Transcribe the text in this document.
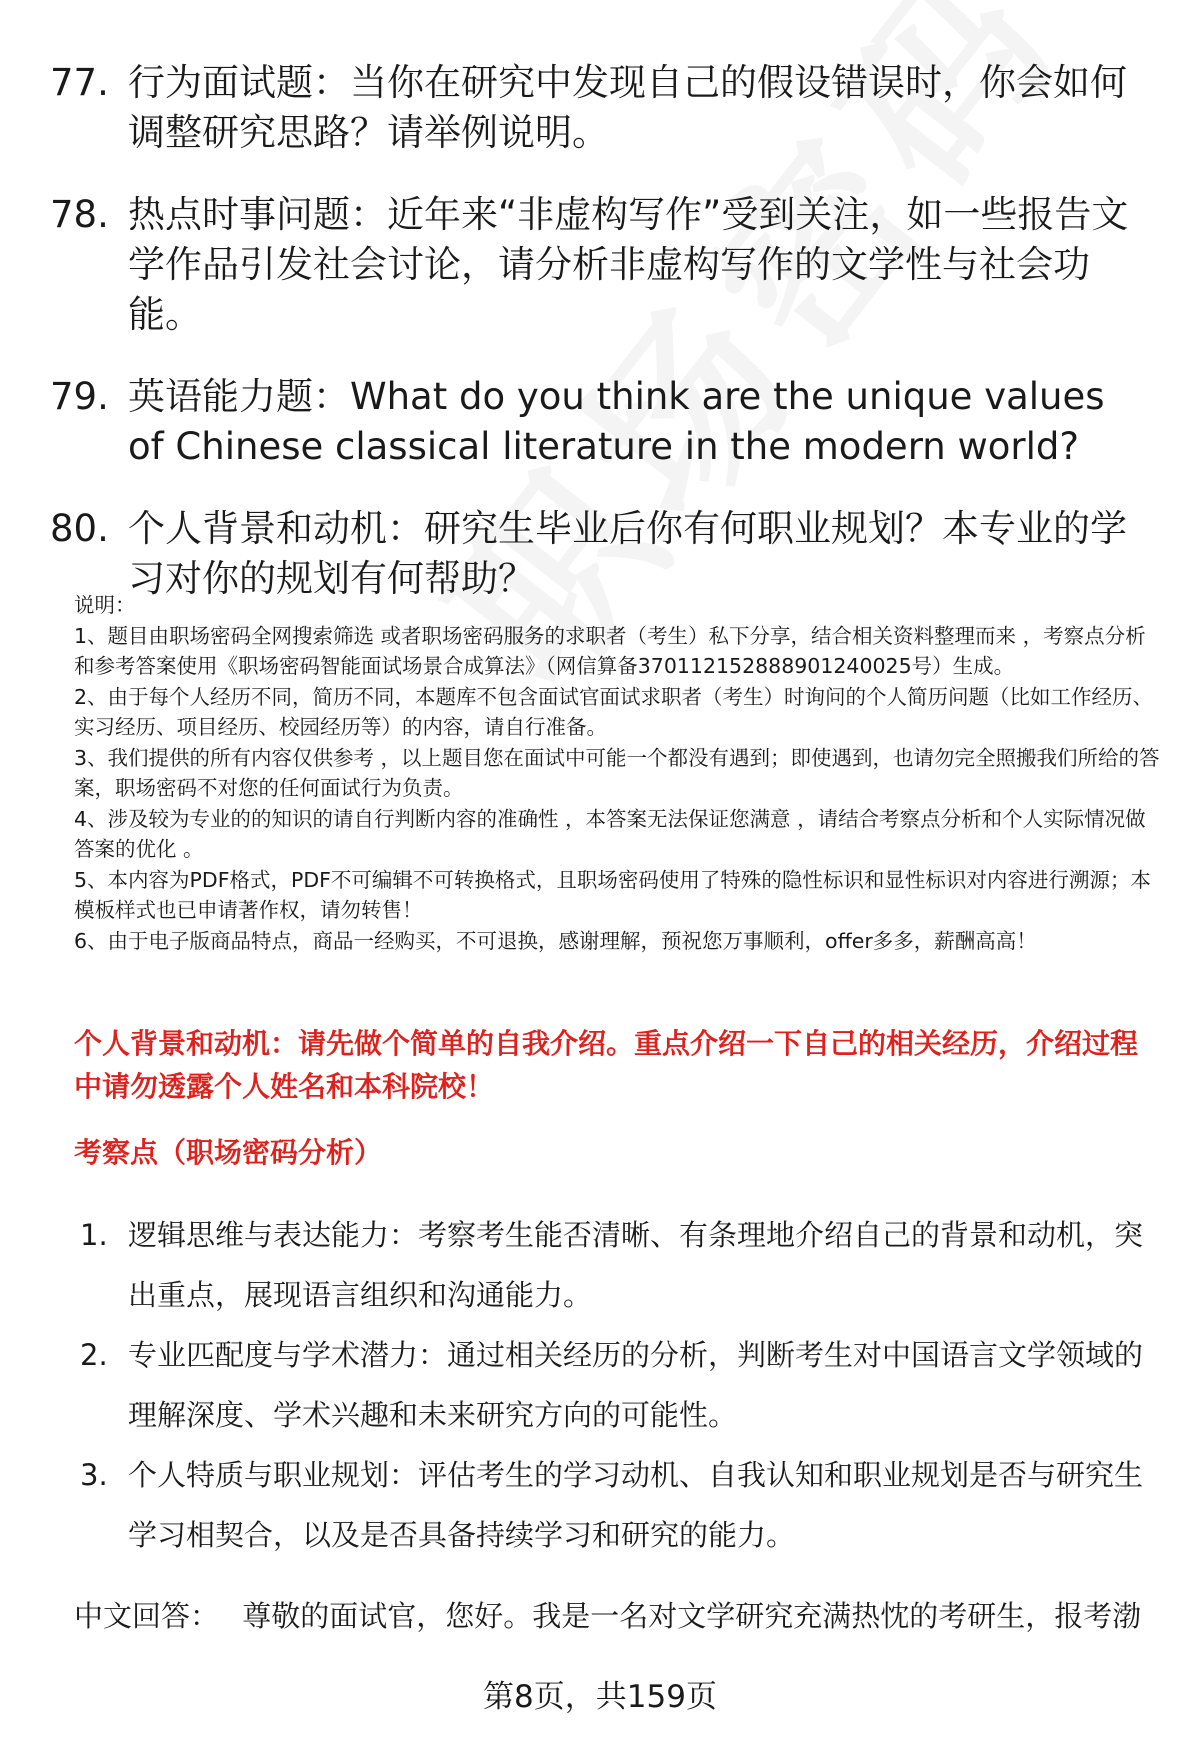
77. 行为面试题：当你在研究中发现自己的假设错误时，你会如何调整研究思路？请举例说明。
78. 热点时事问题：近年来“非虚构写作”受到关注，如一些报告文学作品引发社会讨论，请分析非虚构写作的文学性与社会功能。
79. 英语能力题：What do you think are the unique values of Chinese classical literature in the modern world?
80. 个人背景和动机：研究生毕业后你有何职业规划？本专业的学习对你的规划有何帮助？

说明：

1、题目由职场密码全网搜索筛选 或者职场密码服务的求职者（考生）私下分享，结合相关资料整理而来 ，考察点分析和参考答案使用《职场密码智能面试场景合成算法》（网信算备370112152888901240025号）生成。

2、由于每个人经历不同，简历不同，本题库不包含面试官面试求职者（考生）时询问的个人简历问题（比如工作经历、实习经历、项目经历、校园经历等）的内容，请自行准备。

3、我们提供的所有内容仅供参考 ，以上题目您在面试中可能一个都没有遇到；即使遇到，也请勿完全照搬我们所给的答案，职场密码不对您的任何面试行为负责。

4、涉及较为专业的的知识的请自行判断内容的准确性 ，本答案无法保证您满意 ，请结合考察点分析和个人实际情况做答案的优化 。

5、本内容为PDF格式，PDF不可编辑不可转换格式，且职场密码使用了特殊的隐性标识和显性标识对内容进行溯源；本模板样式也已申请著作权，请勿转售！

6、由于电子版商品特点，商品一经购买，不可退换，感谢理解，预祝您万事顺利，offer多多，薪酬高高！

个人背景和动机：请先做个简单的自我介绍。重点介绍一下自己的相关经历，介绍过程中请勿透露个人姓名和本科院校！
考察点（职场密码分析）
1. 逻辑思维与表达能力：考察考生能否清晰、有条理地介绍自己的背景和动机，突出重点，展现语言组织和沟通能力。
2. 专业匹配度与学术潜力：通过相关经历的分析，判断考生对中国语言文学领域的理解深度、学术兴趣和未来研究方向的可能性。
3. 个人特质与职业规划：评估考生的学习动机、自我认知和职业规划是否与研究生学习相契合，以及是否具备持续学习和研究的能力。
中文回答： 尊敬的面试官，您好。我是一名对文学研究充满热忱的考研生，报考渤
第8页，共159页
